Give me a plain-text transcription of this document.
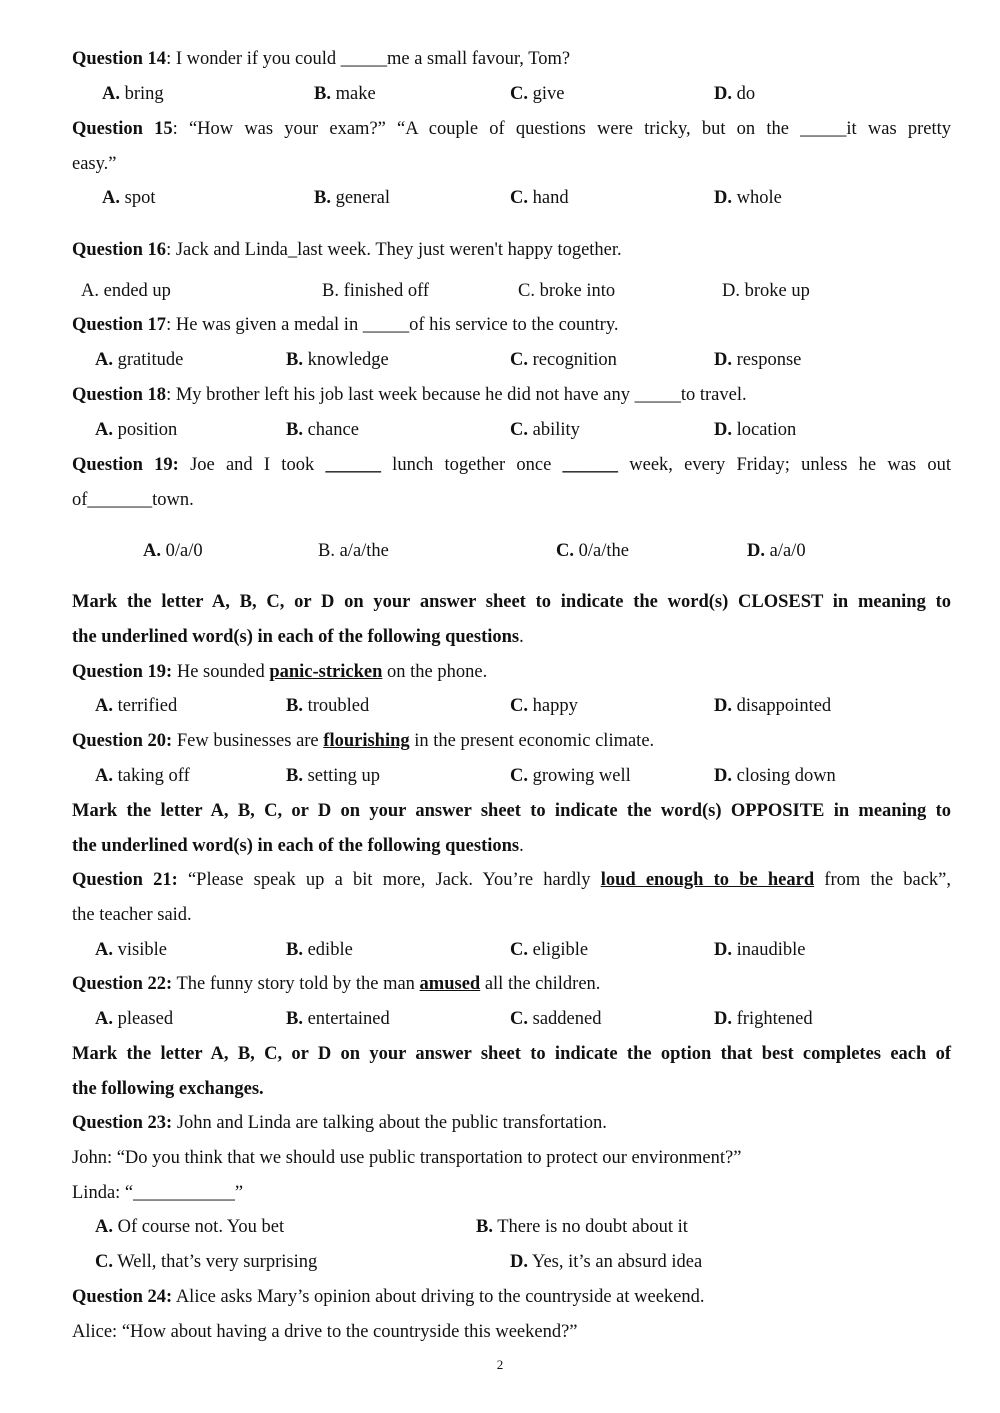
Question 14: I wonder if you could _____me a small favour, Tom?
A. bring	B. make	C. give	D. do
Question 15: “How was your exam?” “A couple of questions were tricky, but on the _____it was pretty
easy.”
A. spot	B. general	C. hand	D. whole
Question 16: Jack and Linda_last week. They just weren't happy together.
A. ended up	B. finished off	C. broke into	D. broke up
Question 17: He was given a medal in _____of his service to the country.
A. gratitude	B. knowledge	C. recognition	D. response
Question 18: My brother left his job last week because he did not have any _____to travel.
A. position	B. chance	C. ability	D. location
Question 19: Joe and I took ______ lunch together once ______ week, every Friday; unless he was out
of_______town.
A. 0/a/0	B. a/a/the	C. 0/a/the	D. a/a/0
Mark the letter A, B, C, or D on your answer sheet to indicate the word(s) CLOSEST in meaning to
the underlined word(s) in each of the following questions.
Question 19: He sounded panic-stricken on the phone.
A. terrified	B. troubled	C. happy	D. disappointed
Question 20: Few businesses are flourishing in the present economic climate.
A. taking off	B. setting up	C. growing well	D. closing down
Mark the letter A, B, C, or D on your answer sheet to indicate the word(s) OPPOSITE in meaning to
the underlined word(s) in each of the following questions.
Question 21: “Please speak up a bit more, Jack. You’re hardly loud enough to be heard from the back”,
the teacher said.
A. visible	B. edible	C. eligible	D. inaudible
Question 22: The funny story told by the man amused all the children.
A. pleased	B. entertained	C. saddened	D. frightened
Mark the letter A, B, C, or D on your answer sheet to indicate the option that best completes each of
the following exchanges.
Question 23: John and Linda are talking about the public transfortation.
John: “Do you think that we should use public transportation to protect our environment?”
Linda: “___________”
A. Of course not. You bet	B. There is no doubt about it
C. Well, that’s very surprising	D. Yes, it’s an absurd idea
Question 24: Alice asks Mary’s opinion about driving to the countryside at weekend.
Alice: “How about having a drive to the countryside this weekend?”
2
